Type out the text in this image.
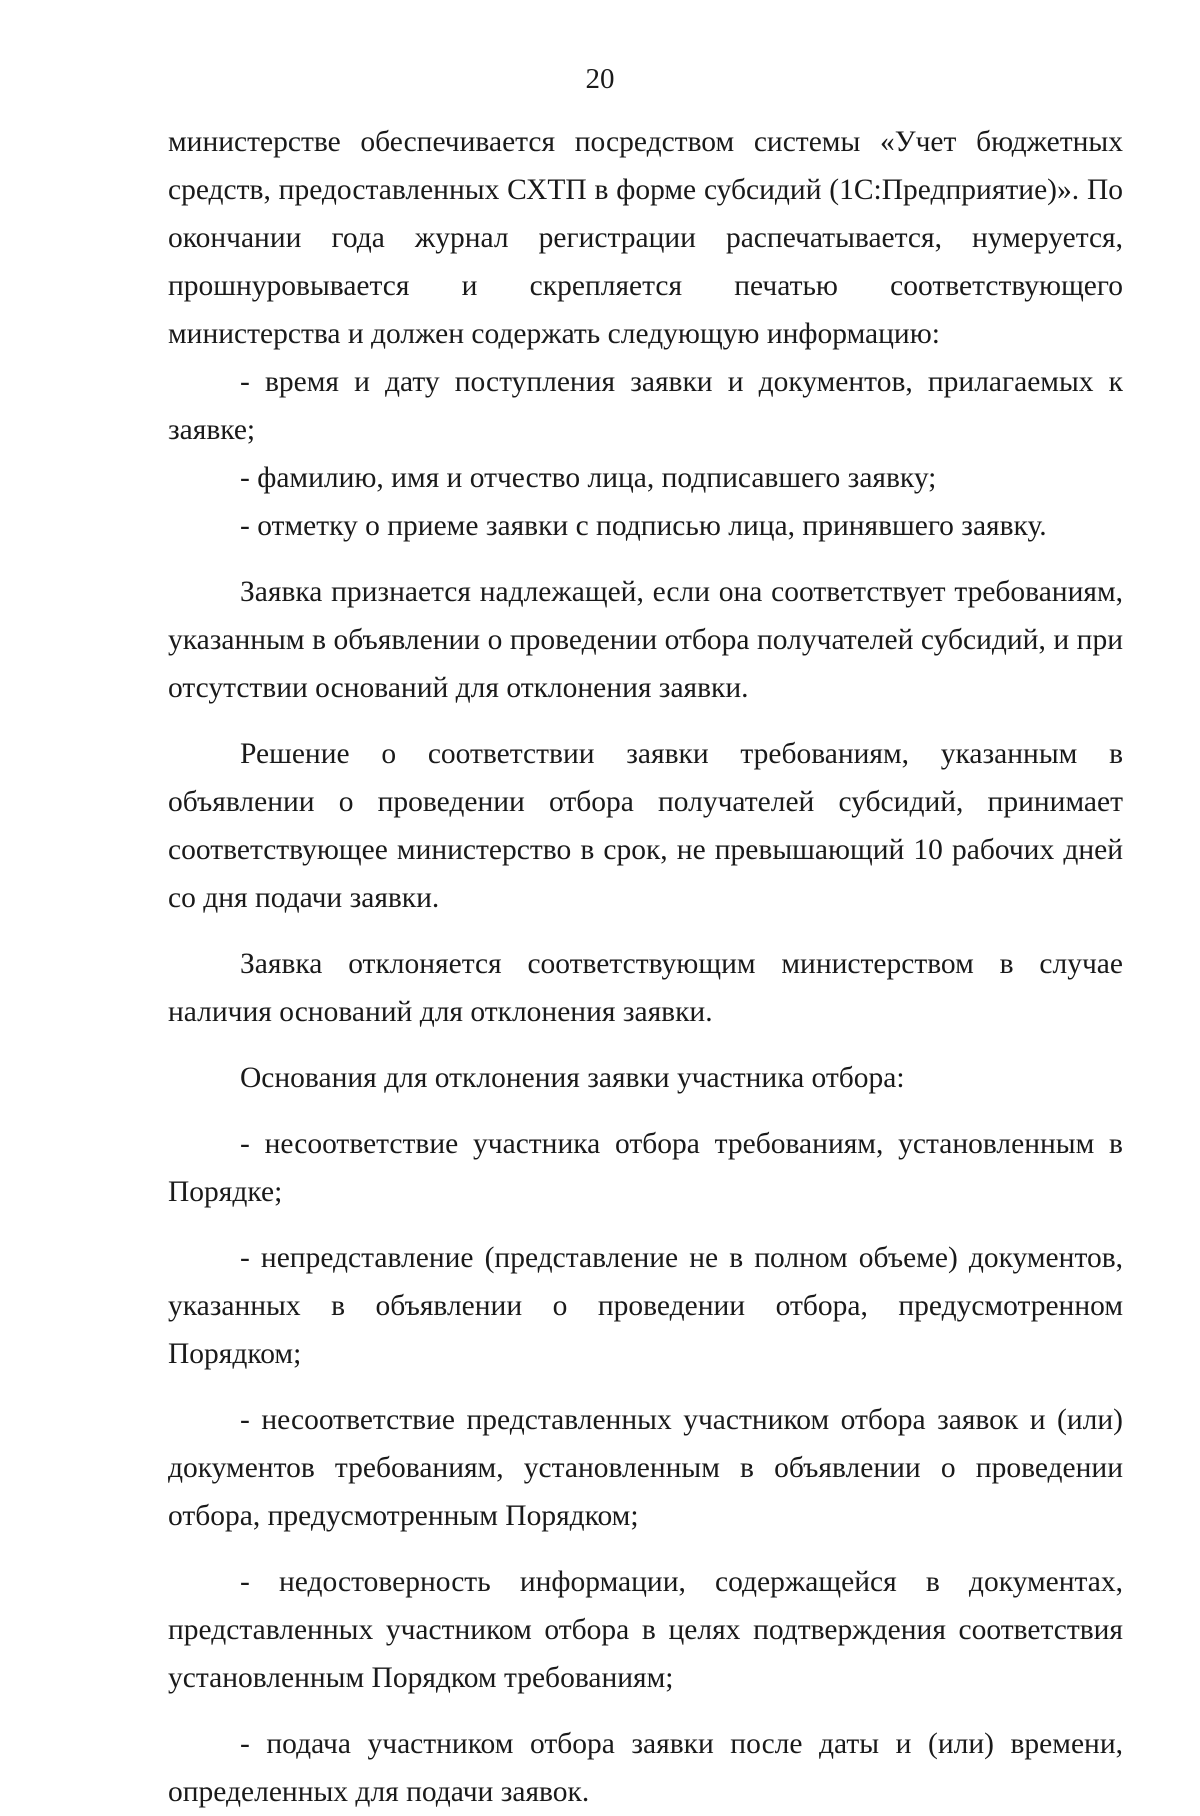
20

министерстве обеспечивается посредством системы «Учет бюджетных средств, предоставленных СХТП в форме субсидий (1С:Предприятие)». По окончании года журнал регистрации распечатывается, нумеруется, прошнуровывается и скрепляется печатью соответствующего министерства и должен содержать следующую информацию:

- время и дату поступления заявки и документов, прилагаемых к заявке;

- фамилию, имя и отчество лица, подписавшего заявку;

- отметку о приеме заявки с подписью лица, принявшего заявку.

Заявка признается надлежащей, если она соответствует требованиям, указанным в объявлении о проведении отбора получателей субсидий, и при отсутствии оснований для отклонения заявки.

Решение о соответствии заявки требованиям, указанным в объявлении о проведении отбора получателей субсидий, принимает соответствующее министерство в срок, не превышающий 10 рабочих дней со дня подачи заявки.

Заявка отклоняется соответствующим министерством в случае наличия оснований для отклонения заявки.

Основания для отклонения заявки участника отбора:

- несоответствие участника отбора требованиям, установленным в Порядке;

- непредставление (представление не в полном объеме) документов, указанных в объявлении о проведении отбора, предусмотренном Порядком;

- несоответствие представленных участником отбора заявок и (или) документов требованиям, установленным в объявлении о проведении отбора, предусмотренным Порядком;

- недостоверность информации, содержащейся в документах, представленных участником отбора в целях подтверждения соответствия установленным Порядком требованиям;

- подача участником отбора заявки после даты и (или) времени, определенных для подачи заявок.
